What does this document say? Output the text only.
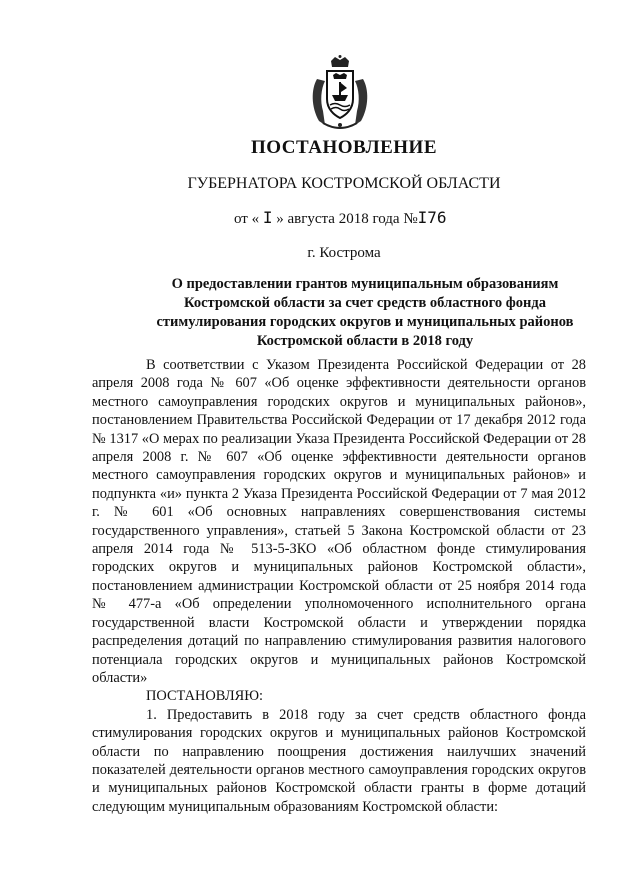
ПОСТАНОВЛЕНИЕ
ГУБЕРНАТОРА КОСТРОМСКОЙ ОБЛАСТИ
от « I » августа 2018 года №I76
г. Кострома
О предоставлении грантов муниципальным образованиям
Костромской области за счет средств областного фонда
стимулирования городских округов и муниципальных районов
Костромской области в 2018 году

В соответствии с Указом Президента Российской Федерации от 28 апреля 2008 года № 607 «Об оценке эффективности деятельности органов местного самоуправления городских округов и муниципальных районов», постановлением Правительства Российской Федерации от 17 декабря 2012 года № 1317 «О мерах по реализации Указа Президента Российской Федерации от 28 апреля 2008 г. № 607 «Об оценке эффективности деятельности органов местного самоуправления городских округов и муниципальных районов» и подпункта «и» пункта 2 Указа Президента Российской Федерации от 7 мая 2012 г. № 601 «Об основных направлениях совершенствования системы государственного управления», статьей 5 Закона Костромской области от 23 апреля 2014 года № 513-5-ЗКО «Об областном фонде стимулирования городских округов и муниципальных районов Костромской области», постановлением администрации Костромской области от 25 ноября 2014 года № 477-а «Об определении уполномоченного исполнительного органа государственной власти Костромской области и утверждении порядка распределения дотаций по направлению стимулирования развития налогового потенциала городских округов и муниципальных районов Костромской области»

ПОСТАНОВЛЯЮ:

1. Предоставить в 2018 году за счет средств областного фонда стимулирования городских округов и муниципальных районов Костромской области по направлению поощрения достижения наилучших значений показателей деятельности органов местного самоуправления городских округов и муниципальных районов Костромской области гранты в форме дотаций следующим муниципальным образованиям Костромской области:
